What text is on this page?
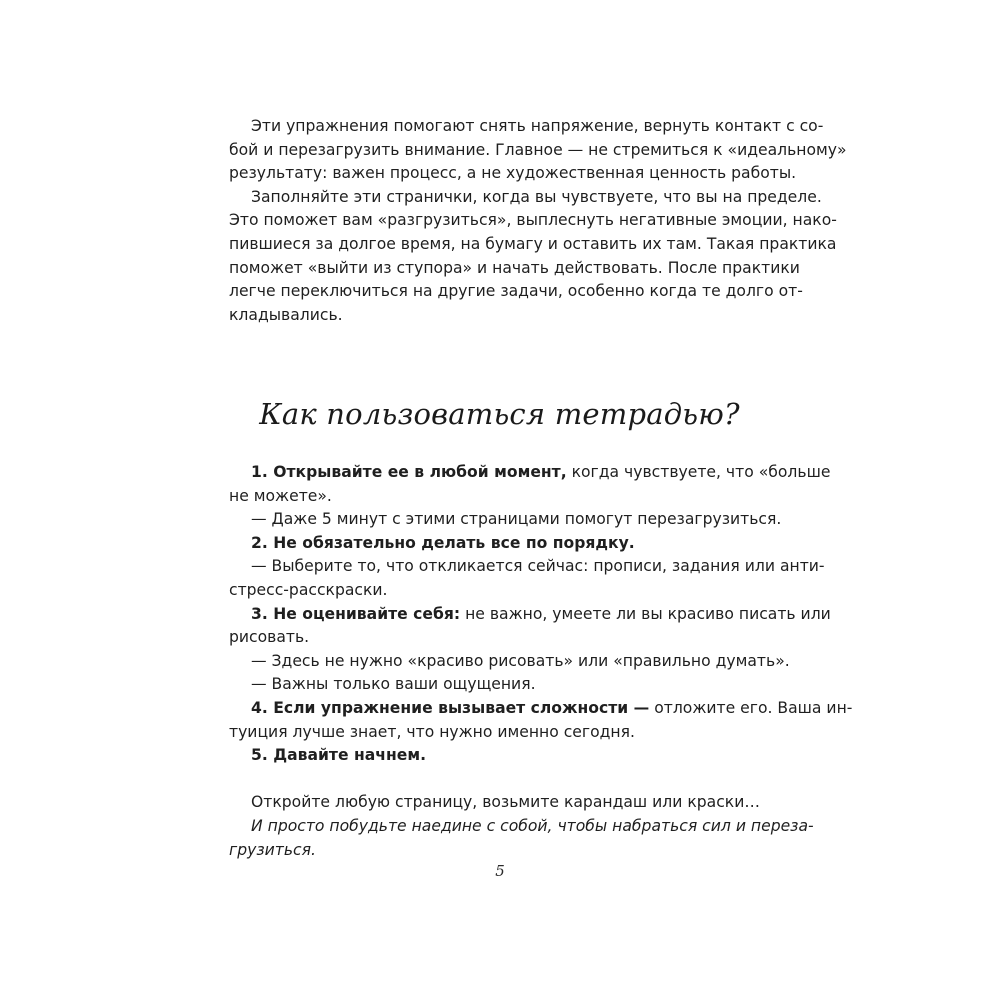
Эти упражнения помогают снять напряжение, вернуть контакт с со-
бой и перезагрузить внимание. Главное — не стремиться к «идеальному»
результату: важен процесс, а не художественная ценность работы.
Заполняйте эти странички, когда вы чувствуете, что вы на пределе.
Это поможет вам «разгрузиться», выплеснуть негативные эмоции, нако-
пившиеся за долгое время, на бумагу и оставить их там. Такая практика
поможет «выйти из ступора» и начать действовать. После практики
легче переключиться на другие задачи, особенно когда те долго от-
кладывались.
Как пользоваться тетрадью?
1. Открывайте ее в любой момент, когда чувствуете, что «больше
не можете».
— Даже 5 минут с этими страницами помогут перезагрузиться.
2. Не обязательно делать все по порядку.
— Выберите то, что откликается сейчас: прописи, задания или анти-
стресс-расскраски.
3. Не оценивайте себя: не важно, умеете ли вы красиво писать или
рисовать.
— Здесь не нужно «красиво рисовать» или «правильно думать».
— Важны только ваши ощущения.
4. Если упражнение вызывает сложности — отложите его. Ваша ин-
туиция лучше знает, что нужно именно сегодня.
5. Давайте начнем.
Откройте любую страницу, возьмите карандаш или краски…
И просто побудьте наедине с собой, чтобы набраться сил и переза-
грузиться.
5
